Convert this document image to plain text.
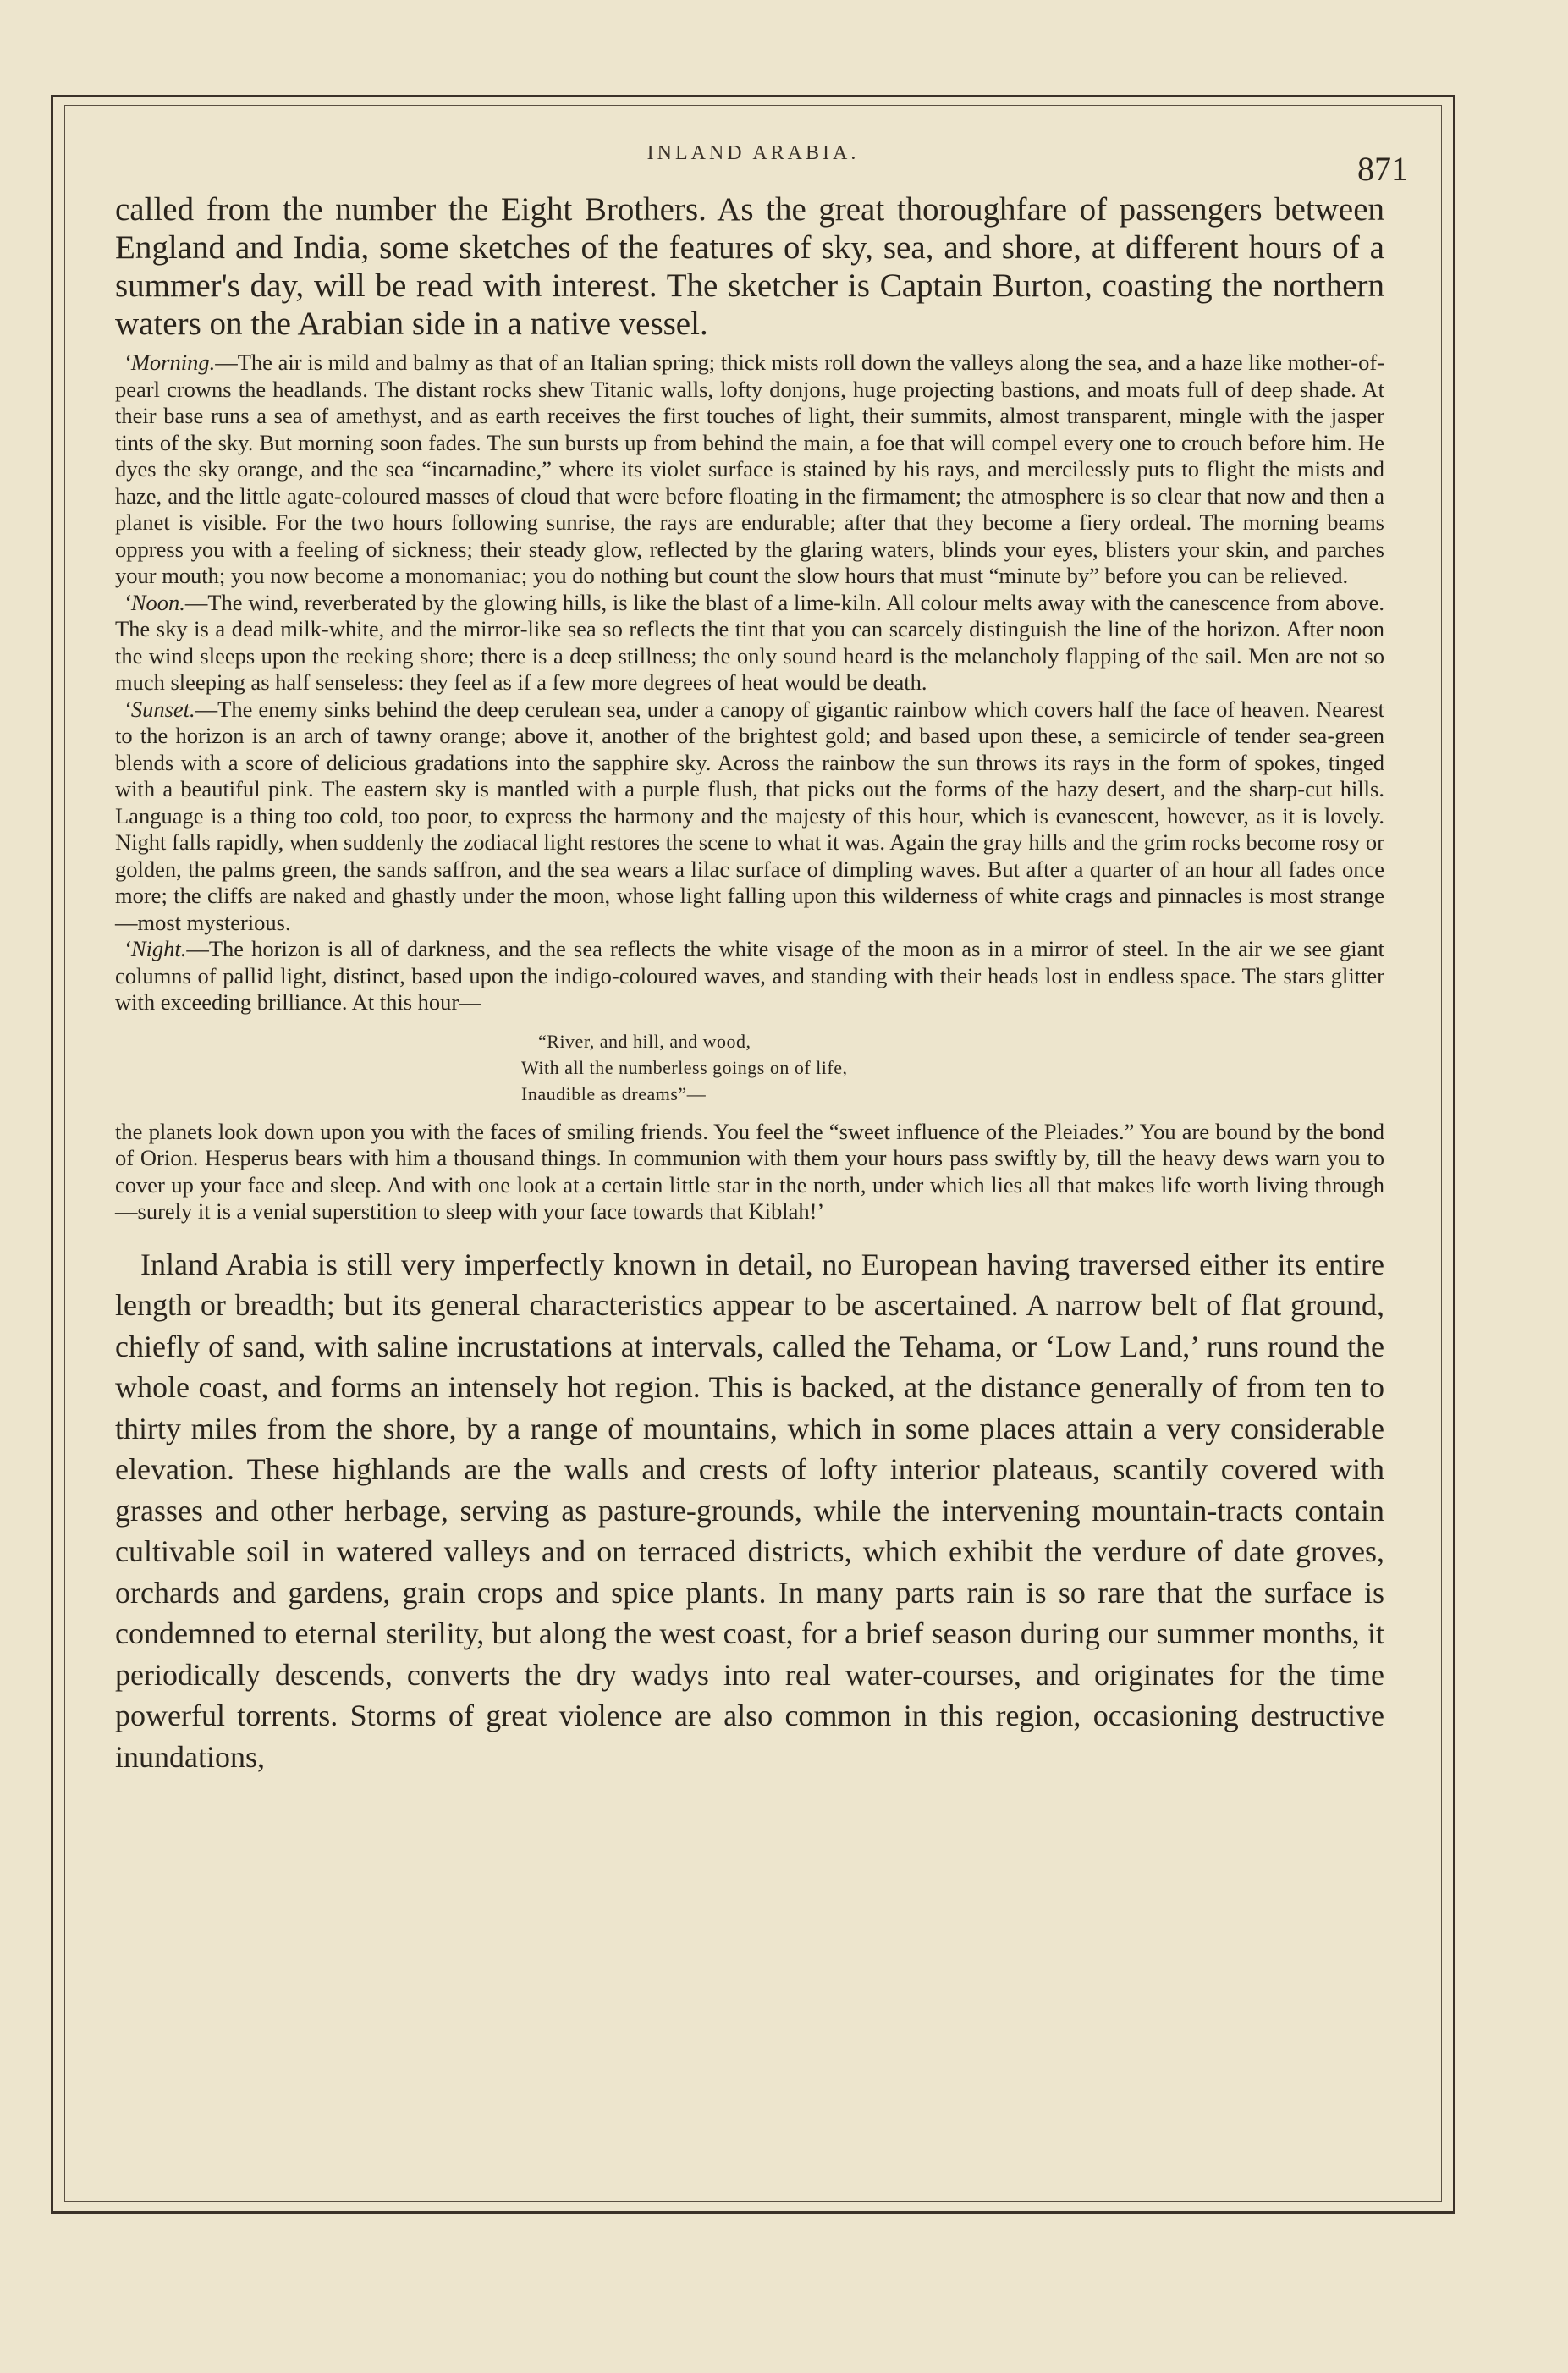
INLAND ARABIA.	871

called from the number the Eight Brothers. As the great thoroughfare of passengers between England and India, some sketches of the features of sky, sea, and shore, at different hours of a summer's day, will be read with interest. The sketcher is Captain Burton, coasting the northern waters on the Arabian side in a native vessel.

‘Morning.—The air is mild and balmy as that of an Italian spring; thick mists roll down the valleys along the sea, and a haze like mother-of-pearl crowns the headlands. The distant rocks shew Titanic walls, lofty donjons, huge projecting bastions, and moats full of deep shade. At their base runs a sea of amethyst, and as earth receives the first touches of light, their summits, almost transparent, mingle with the jasper tints of the sky. But morning soon fades. The sun bursts up from behind the main, a foe that will compel every one to crouch before him. He dyes the sky orange, and the sea “incarnadine,” where its violet surface is stained by his rays, and mercilessly puts to flight the mists and haze, and the little agate-coloured masses of cloud that were before floating in the firmament; the atmosphere is so clear that now and then a planet is visible. For the two hours following sunrise, the rays are endurable; after that they become a fiery ordeal. The morning beams oppress you with a feeling of sickness; their steady glow, reflected by the glaring waters, blinds your eyes, blisters your skin, and parches your mouth; you now become a monomaniac; you do nothing but count the slow hours that must “minute by” before you can be relieved.

‘Noon.—The wind, reverberated by the glowing hills, is like the blast of a lime-kiln. All colour melts away with the canescence from above. The sky is a dead milk-white, and the mirror-like sea so reflects the tint that you can scarcely distinguish the line of the horizon. After noon the wind sleeps upon the reeking shore; there is a deep stillness; the only sound heard is the melancholy flapping of the sail. Men are not so much sleeping as half senseless: they feel as if a few more degrees of heat would be death.

‘Sunset.—The enemy sinks behind the deep cerulean sea, under a canopy of gigantic rainbow which covers half the face of heaven. Nearest to the horizon is an arch of tawny orange; above it, another of the brightest gold; and based upon these, a semicircle of tender sea-green blends with a score of delicious gradations into the sapphire sky. Across the rainbow the sun throws its rays in the form of spokes, tinged with a beautiful pink. The eastern sky is mantled with a purple flush, that picks out the forms of the hazy desert, and the sharp-cut hills. Language is a thing too cold, too poor, to express the harmony and the majesty of this hour, which is evanescent, however, as it is lovely. Night falls rapidly, when suddenly the zodiacal light restores the scene to what it was. Again the gray hills and the grim rocks become rosy or golden, the palms green, the sands saffron, and the sea wears a lilac surface of dimpling waves. But after a quarter of an hour all fades once more; the cliffs are naked and ghastly under the moon, whose light falling upon this wilderness of white crags and pinnacles is most strange—most mysterious.

‘Night.—The horizon is all of darkness, and the sea reflects the white visage of the moon as in a mirror of steel. In the air we see giant columns of pallid light, distinct, based upon the indigo-coloured waves, and standing with their heads lost in endless space. The stars glitter with exceeding brilliance. At this hour—

“River, and hill, and wood,
With all the numberless goings on of life,
Inaudible as dreams”—

the planets look down upon you with the faces of smiling friends. You feel the “sweet influence of the Pleiades.” You are bound by the bond of Orion. Hesperus bears with him a thousand things. In communion with them your hours pass swiftly by, till the heavy dews warn you to cover up your face and sleep. And with one look at a certain little star in the north, under which lies all that makes life worth living through—surely it is a venial superstition to sleep with your face towards that Kiblah!’

Inland Arabia is still very imperfectly known in detail, no European having traversed either its entire length or breadth; but its general characteristics appear to be ascertained. A narrow belt of flat ground, chiefly of sand, with saline incrustations at intervals, called the Tehama, or ‘Low Land,’ runs round the whole coast, and forms an intensely hot region. This is backed, at the distance generally of from ten to thirty miles from the shore, by a range of mountains, which in some places attain a very considerable elevation. These highlands are the walls and crests of lofty interior plateaus, scantily covered with grasses and other herbage, serving as pasture-grounds, while the intervening mountain-tracts contain cultivable soil in watered valleys and on terraced districts, which exhibit the verdure of date groves, orchards and gardens, grain crops and spice plants. In many parts rain is so rare that the surface is condemned to eternal sterility, but along the west coast, for a brief season during our summer months, it periodically descends, converts the dry wadys into real water-courses, and originates for the time powerful torrents. Storms of great violence are also common in this region, occasioning destructive inundations,
